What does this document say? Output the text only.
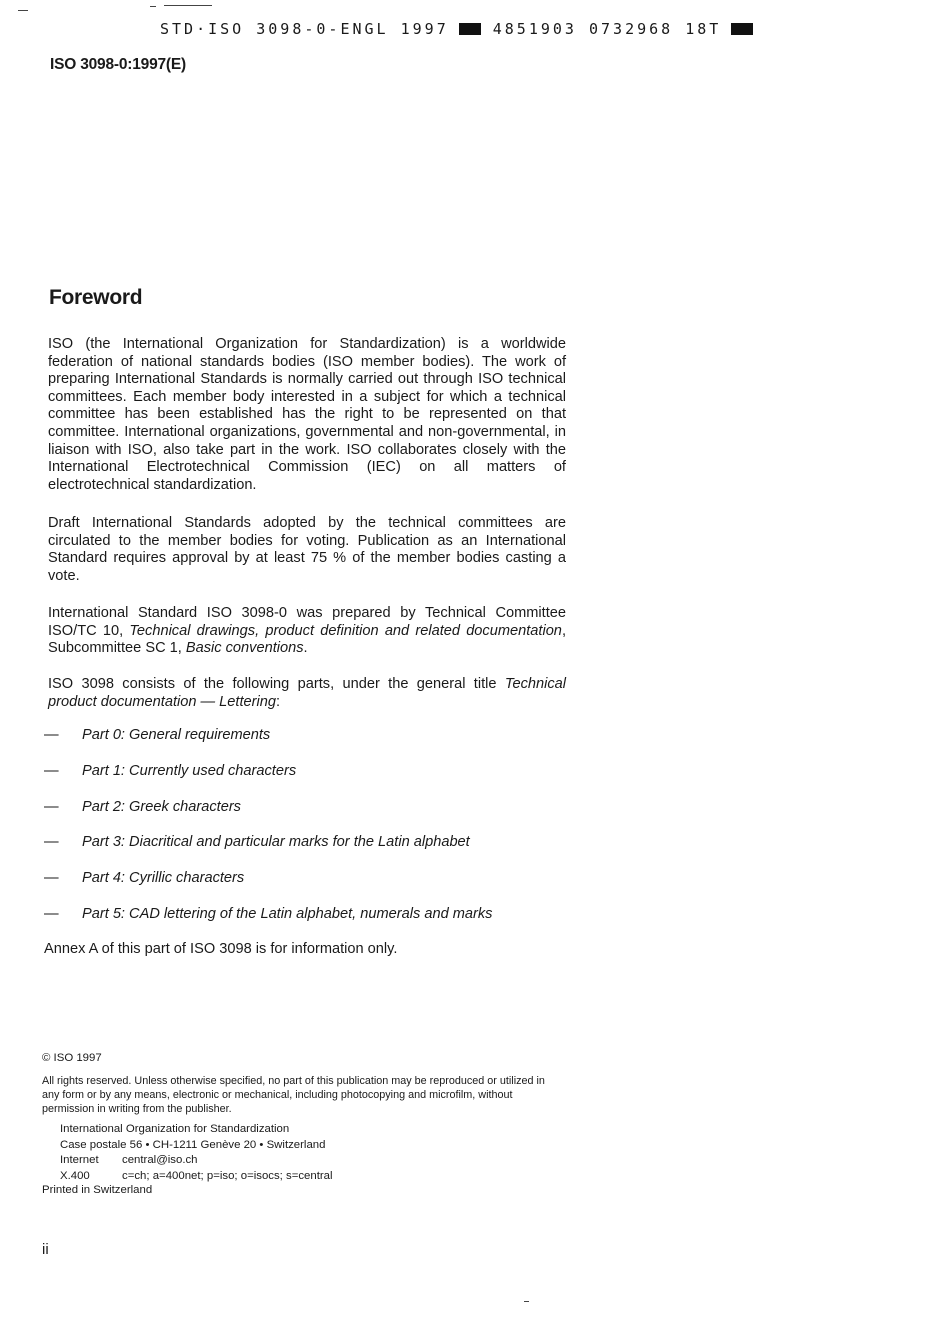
STD·ISO 3098-0-ENGL 1997	4851903 0732968 18T
ISO 3098-0:1997(E)
Foreword

ISO (the International Organization for Standardization) is a worldwide federation of national standards bodies (ISO member bodies). The work of preparing International Standards is normally carried out through ISO technical committees. Each member body interested in a subject for which a technical committee has been established has the right to be represented on that committee. International organizations, governmental and non-governmental, in liaison with ISO, also take part in the work. ISO collaborates closely with the International Electrotechnical Commission (IEC) on all matters of electrotechnical standardization.

Draft International Standards adopted by the technical committees are circulated to the member bodies for voting. Publication as an International Standard requires approval by at least 75 % of the member bodies casting a vote.

International Standard ISO 3098-0 was prepared by Technical Committee ISO/TC 10, Technical drawings, product definition and related documentation, Subcommittee SC 1, Basic conventions.

ISO 3098 consists of the following parts, under the general title Technical product documentation — Lettering:

—	Part 0: General requirements
—	Part 1: Currently used characters
—	Part 2: Greek characters
—	Part 3: Diacritical and particular marks for the Latin alphabet
—	Part 4: Cyrillic characters
—	Part 5: CAD lettering of the Latin alphabet, numerals and marks
Annex A of this part of ISO 3098 is for information only.
© ISO 1997

All rights reserved. Unless otherwise specified, no part of this publication may be reproduced or utilized in any form or by any means, electronic or mechanical, including photocopying and microfilm, without permission in writing from the publisher.

International Organization for Standardization
Case postale 56 • CH-1211 Genève 20 • Switzerland
Internet central@iso.ch
X.400	c=ch; a=400net; p=iso; o=isocs; s=central
Printed in Switzerland
ii
